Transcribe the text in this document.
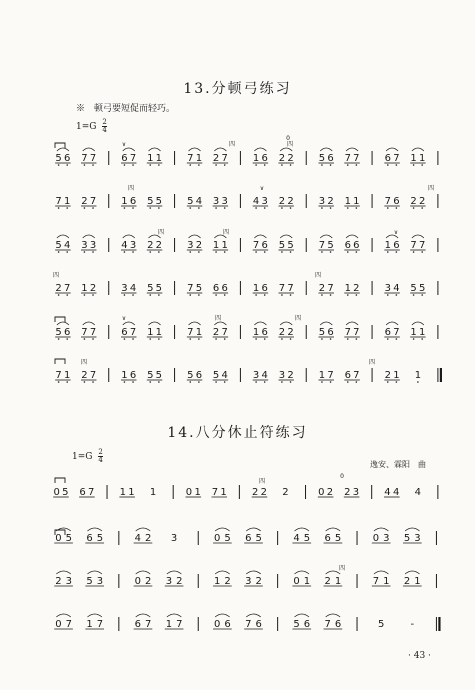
13.分顿弓练习
※　顿弓要短促而轻巧。
$1=G \frac{2}{4}$
14.八分休止符练习
$1=G \frac{2}{4}$
逸安、霖阳　曲
· 43 ·
5 6 7 7	6 7 1 1	7 1 2 7	1 6 2 2	5 6 7 7	6 7 1 1
7 1 2 7	1 6 5 5	5 4 3 3	4 3 2 2	3 2 1 1	7 6 2 2
5 4 3 3	4 3 2 2	3 2 1 1	7 6 5 5	7 5 6 6	1 6 7 7
2 7 1 2	3 4 5 5	7 5 6 6	1 6 7 7	2 7 1 2	3 4 5 5
5 6 7 7	6 7 1 1	7 1 2 7	1 6 2 2	5 6 7 7	6 7 1 1
7 1 2 7	1 6 5 5	5 6 5 4	3 4 3 2	1 7 6 7	2 1 1
0 5 6 7	1 1 1	0 1 7 1	2 2 2	0 2 2 3	4 4 4
0 5 6 5	4 2 3	0 5 6 5	4 5 6 5	0 3 5 3
2 3 5 3	0 2 3 2	1 2 3 2	0 1 2 1	7 1 2 1
0 7 1 7	6 7 1 7	0 6 7 6	5 6 7 6	5	-
∨	四	四
0
四	∨	四
四	四	∨
四	四
∨	四	四
四	四
四
0
四
